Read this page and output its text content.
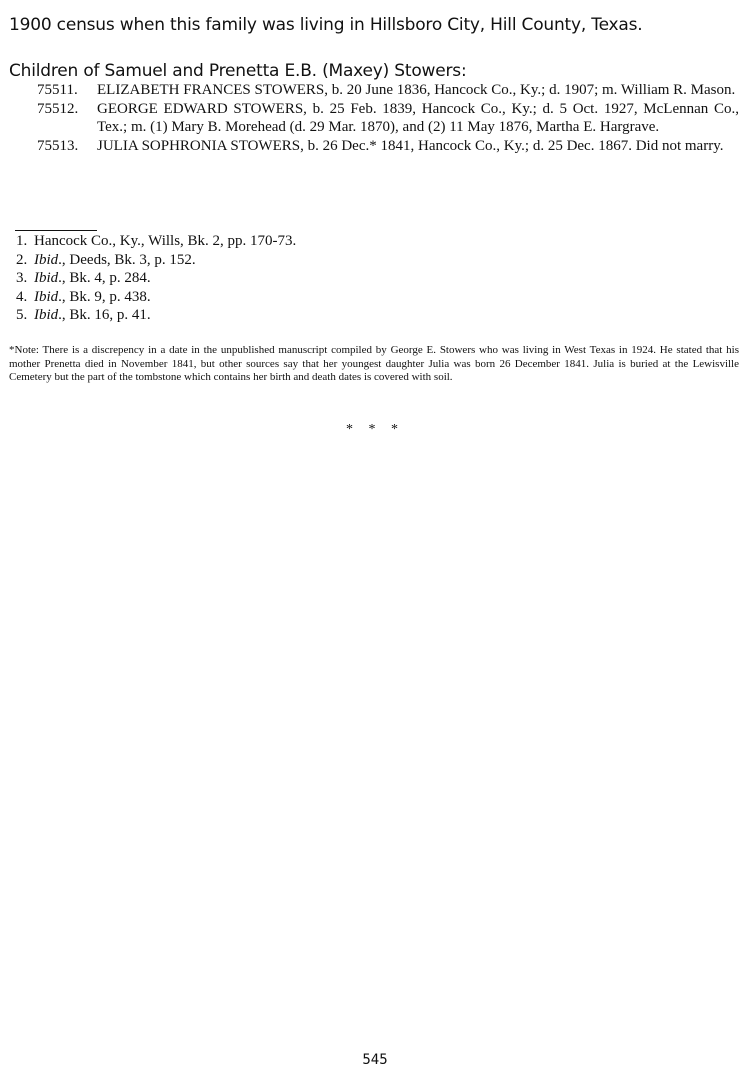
1900 census when this family was living in Hillsboro City, Hill County, Texas.
Children of Samuel and Prenetta E.B. (Maxey) Stowers:
75511. ELIZABETH FRANCES STOWERS, b. 20 June 1836, Hancock Co., Ky.; d. 1907; m. William R. Mason.
75512. GEORGE EDWARD STOWERS, b. 25 Feb. 1839, Hancock Co., Ky.; d. 5 Oct. 1927, McLennan Co., Tex.; m. (1) Mary B. Morehead (d. 29 Mar. 1870), and (2) 11 May 1876, Martha E. Hargrave.
75513. JULIA SOPHRONIA STOWERS, b. 26 Dec.* 1841, Hancock Co., Ky.; d. 25 Dec. 1867. Did not marry.
1. Hancock Co., Ky., Wills, Bk. 2, pp. 170-73.
2. Ibid., Deeds, Bk. 3, p. 152.
3. Ibid., Bk. 4, p. 284.
4. Ibid., Bk. 9, p. 438.
5. Ibid., Bk. 16, p. 41.
*Note: There is a discrepency in a date in the unpublished manuscript compiled by George E. Stowers who was living in West Texas in 1924. He stated that his mother Prenetta died in November 1841, but other sources say that her youngest daughter Julia was born 26 December 1841. Julia is buried at the Lewisville Cemetery but the part of the tombstone which contains her birth and death dates is covered with soil.
* * *
545
